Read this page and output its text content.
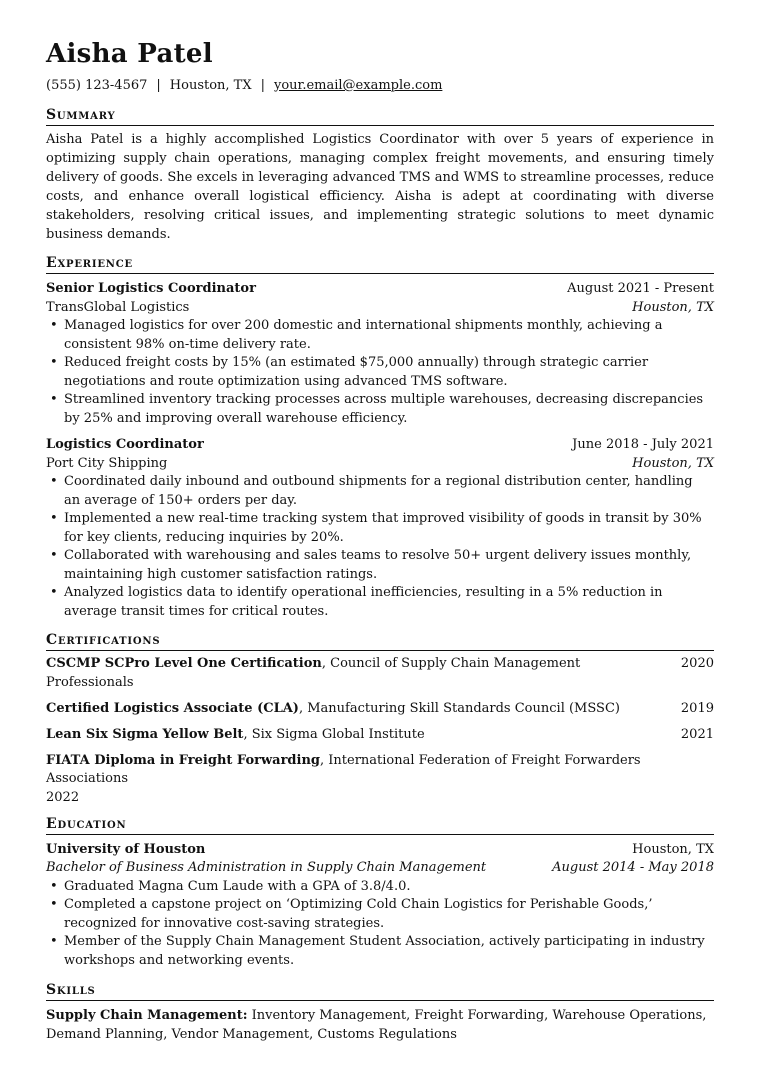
Aisha Patel
(555) 123-4567 | Houston, TX | your.email@example.com
Summary
Aisha Patel is a highly accomplished Logistics Coordinator with over 5 years of experience in optimizing supply chain operations, managing complex freight movements, and ensuring timely delivery of goods. She excels in leveraging advanced TMS and WMS to streamline processes, reduce costs, and enhance overall logistical efficiency. Aisha is adept at coordinating with diverse stakeholders, resolving critical issues, and implementing strategic solutions to meet dynamic business demands.
Experience
Senior Logistics Coordinator	August 2021 - Present
TransGlobal Logistics	Houston, TX
• Managed logistics for over 200 domestic and international shipments monthly, achieving a consistent 98% on-time delivery rate.
• Reduced freight costs by 15% (an estimated $75,000 annually) through strategic carrier negotiations and route optimization using advanced TMS software.
• Streamlined inventory tracking processes across multiple warehouses, decreasing discrepancies by 25% and improving overall warehouse efficiency.
Logistics Coordinator	June 2018 - July 2021
Port City Shipping	Houston, TX
• Coordinated daily inbound and outbound shipments for a regional distribution center, handling an average of 150+ orders per day.
• Implemented a new real-time tracking system that improved visibility of goods in transit by 30% for key clients, reducing inquiries by 20%.
• Collaborated with warehousing and sales teams to resolve 50+ urgent delivery issues monthly, maintaining high customer satisfaction ratings.
• Analyzed logistics data to identify operational inefficiencies, resulting in a 5% reduction in average transit times for critical routes.
Certifications
CSCMP SCPro Level One Certification, Council of Supply Chain Management Professionals
2020
Certified Logistics Associate (CLA), Manufacturing Skill Standards Council (MSSC)	2019
Lean Six Sigma Yellow Belt, Six Sigma Global Institute	2021
FIATA Diploma in Freight Forwarding, International Federation of Freight Forwarders Associations
2022
Education
University of Houston	Houston, TX
Bachelor of Business Administration in Supply Chain Management	August 2014 - May 2018
• Graduated Magna Cum Laude with a GPA of 3.8/4.0.
• Completed a capstone project on ‘Optimizing Cold Chain Logistics for Perishable Goods,’ recognized for innovative cost-saving strategies.
• Member of the Supply Chain Management Student Association, actively participating in industry workshops and networking events.
Skills
Supply Chain Management: Inventory Management, Freight Forwarding, Warehouse Operations, Demand Planning, Vendor Management, Customs Regulations
